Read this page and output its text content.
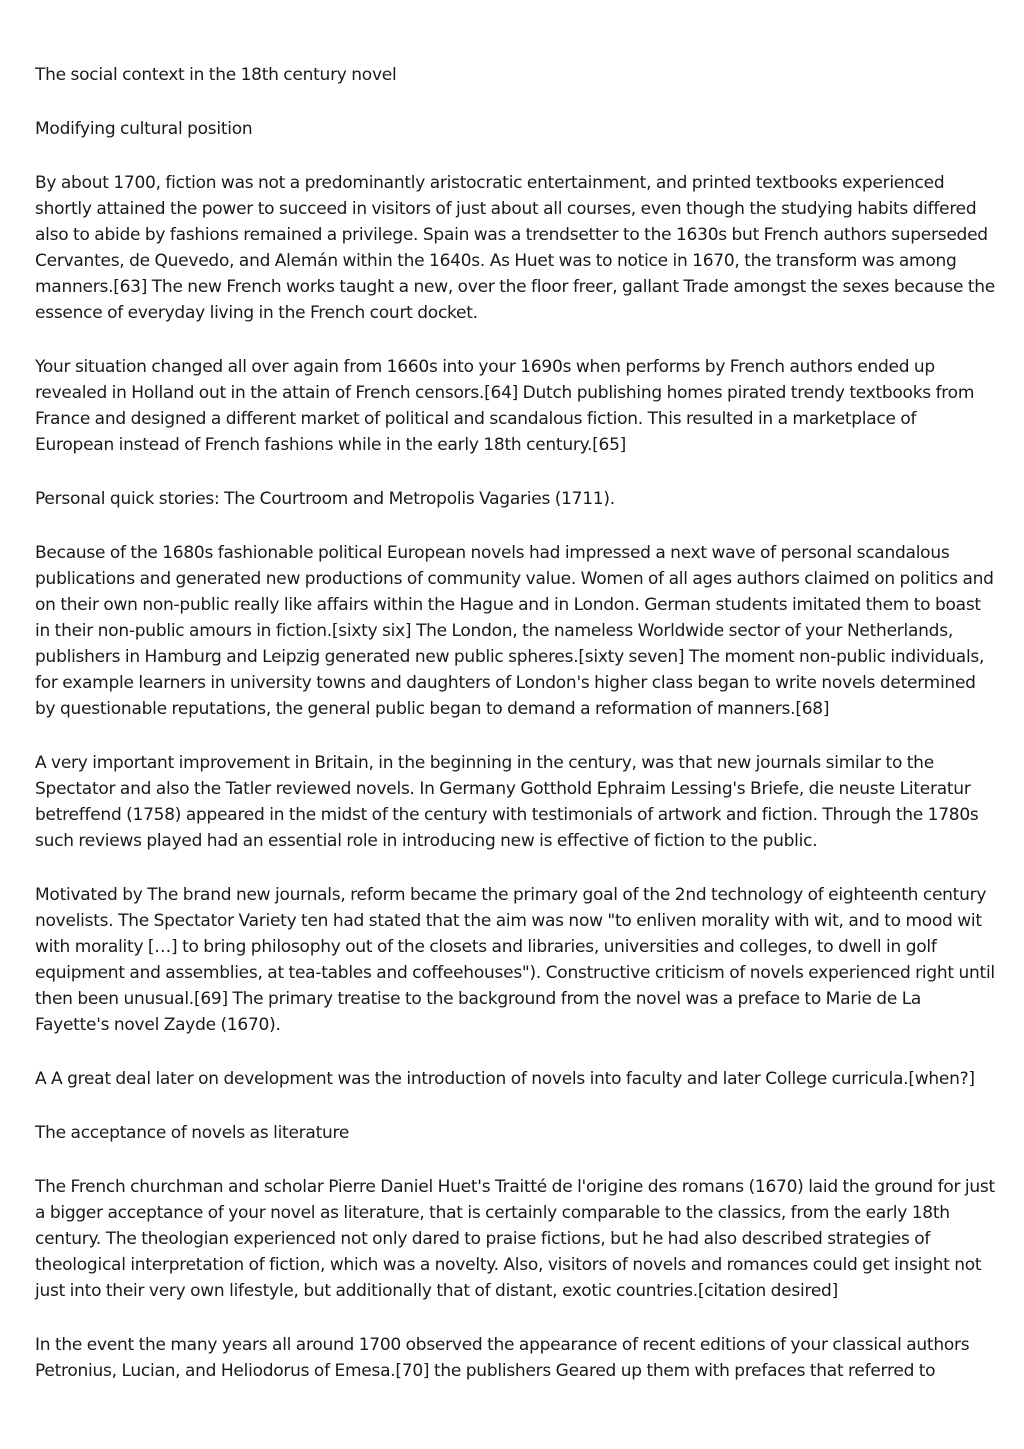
The social context in the 18th century novel

Modifying cultural position

By about 1700, fiction was not a predominantly aristocratic entertainment, and printed textbooks experienced shortly attained the power to succeed in visitors of just about all courses, even though the studying habits differed also to abide by fashions remained a privilege. Spain was a trendsetter to the 1630s but French authors superseded Cervantes, de Quevedo, and Alemán within the 1640s. As Huet was to notice in 1670, the transform was among manners.[63] The new French works taught a new, over the floor freer, gallant Trade amongst the sexes because the essence of everyday living in the French court docket.

Your situation changed all over again from 1660s into your 1690s when performs by French authors ended up revealed in Holland out in the attain of French censors.[64] Dutch publishing homes pirated trendy textbooks from France and designed a different market of political and scandalous fiction. This resulted in a marketplace of European instead of French fashions while in the early 18th century.[65]

Personal quick stories: The Courtroom and Metropolis Vagaries (1711).

Because of the 1680s fashionable political European novels had impressed a next wave of personal scandalous publications and generated new productions of community value. Women of all ages authors claimed on politics and on their own non-public really like affairs within the Hague and in London. German students imitated them to boast in their non-public amours in fiction.[sixty six] The London, the nameless Worldwide sector of your Netherlands, publishers in Hamburg and Leipzig generated new public spheres.[sixty seven] The moment non-public individuals, for example learners in university towns and daughters of London's higher class began to write novels determined by questionable reputations, the general public began to demand a reformation of manners.[68]

A very important improvement in Britain, in the beginning in the century, was that new journals similar to the Spectator and also the Tatler reviewed novels. In Germany Gotthold Ephraim Lessing's Briefe, die neuste Literatur betreffend (1758) appeared in the midst of the century with testimonials of artwork and fiction. Through the 1780s such reviews played had an essential role in introducing new is effective of fiction to the public.

Motivated by The brand new journals, reform became the primary goal of the 2nd technology of eighteenth century novelists. The Spectator Variety ten had stated that the aim was now "to enliven morality with wit, and to mood wit with morality […] to bring philosophy out of the closets and libraries, universities and colleges, to dwell in golf equipment and assemblies, at tea-tables and coffeehouses"). Constructive criticism of novels experienced right until then been unusual.[69] The primary treatise to the background from the novel was a preface to Marie de La Fayette's novel Zayde (1670).

A A great deal later on development was the introduction of novels into faculty and later College curricula.[when?]

The acceptance of novels as literature

The French churchman and scholar Pierre Daniel Huet's Traitté de l'origine des romans (1670) laid the ground for just a bigger acceptance of your novel as literature, that is certainly comparable to the classics, from the early 18th century. The theologian experienced not only dared to praise fictions, but he had also described strategies of theological interpretation of fiction, which was a novelty. Also, visitors of novels and romances could get insight not just into their very own lifestyle, but additionally that of distant, exotic countries.[citation desired]

In the event the many years all around 1700 observed the appearance of recent editions of your classical authors Petronius, Lucian, and Heliodorus of Emesa.[70] the publishers Geared up them with prefaces that referred to
